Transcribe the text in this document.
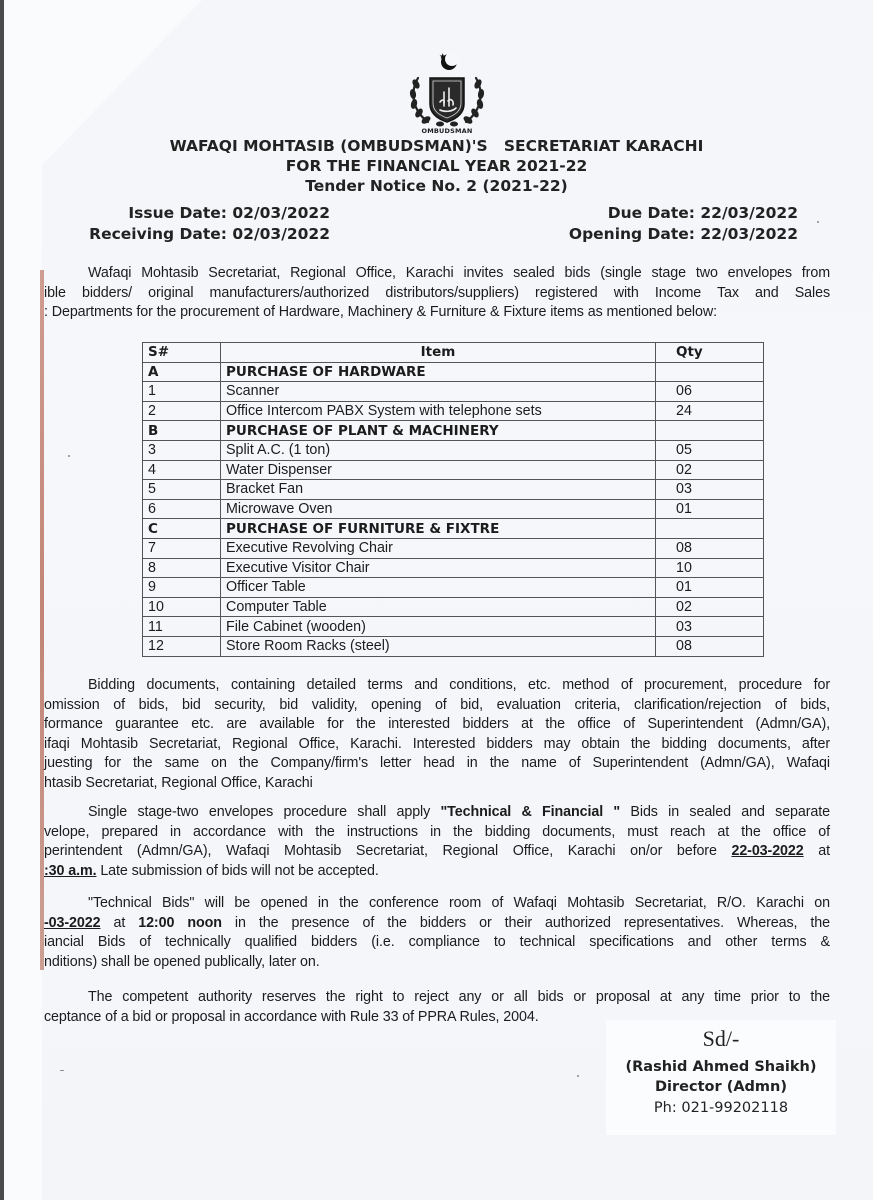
OMBUDSMAN
WAFAQI MOHTASIB (OMBUDSMAN)'S   SECRETARIAT KARACHI
FOR THE FINANCIAL YEAR 2021-22
Tender Notice No. 2 (2021-22)
Issue Date: 02/03/2022
Receiving Date: 02/03/2022
Due Date: 22/03/2022
Opening Date: 22/03/2022
Wafaqi Mohtasib Secretariat, Regional Office, Karachi invites sealed bids (single stage two envelopes from
ible bidders/ original manufacturers/authorized distributors/suppliers) registered with Income Tax and Sales
: Departments for the procurement of Hardware, Machinery & Furniture & Fixture items as mentioned below:
S#	Item	Qty
A	PURCHASE OF HARDWARE	
1	Scanner	06
2	Office Intercom PABX System with telephone sets	24
B	PURCHASE OF PLANT & MACHINERY	
3	Split A.C. (1 ton)	05
4	Water Dispenser	02
5	Bracket Fan	03
6	Microwave Oven	01
C	PURCHASE OF FURNITURE & FIXTRE	
7	Executive Revolving Chair	08
8	Executive Visitor Chair	10
9	Officer Table	01
10	Computer Table	02
11	File Cabinet (wooden)	03
12	Store Room Racks (steel)	08
Bidding documents, containing detailed terms and conditions, etc. method of procurement, procedure for
omission of bids, bid security, bid validity, opening of bid, evaluation criteria, clarification/rejection of bids,
formance guarantee etc. are available for the interested bidders at the office of Superintendent (Admn/GA),
ifaqi Mohtasib Secretariat, Regional Office, Karachi. Interested bidders may obtain the bidding documents, after
juesting for the same on the Company/firm's letter head in the name of Superintendent (Admn/GA), Wafaqi
htasib Secretariat, Regional Office, Karachi
Single stage-two envelopes procedure shall apply "Technical & Financial " Bids in sealed and separate
velope, prepared in accordance with the instructions in the bidding documents, must reach at the office of
perintendent (Admn/GA), Wafaqi Mohtasib Secretariat, Regional Office, Karachi on/or before 22-03-2022 at
:30 a.m. Late submission of bids will not be accepted.
"Technical Bids" will be opened in the conference room of Wafaqi Mohtasib Secretariat, R/O. Karachi on
-03-2022 at 12:00 noon in the presence of the bidders or their authorized representatives. Whereas, the
iancial Bids of technically qualified bidders (i.e. compliance to technical specifications and other terms &
nditions) shall be opened publically, later on.
The competent authority reserves the right to reject any or all bids or proposal at any time prior to the
ceptance of a bid or proposal in accordance with Rule 33 of PPRA Rules, 2004.
Sd/-
(Rashid Ahmed Shaikh)
Director (Admn)
Ph: 021-99202118
